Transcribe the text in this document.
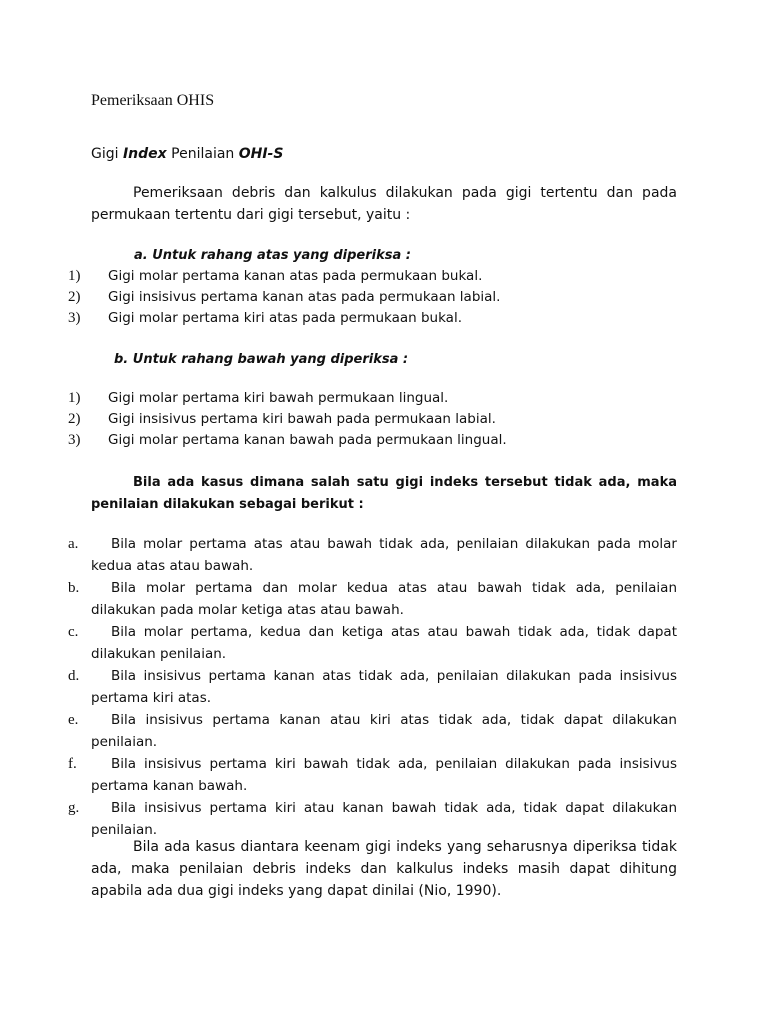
Pemeriksaan OHIS
Gigi Index Penilaian OHI-S
Pemeriksaan debris dan kalkulus dilakukan pada gigi tertentu dan pada permukaan tertentu dari gigi tersebut, yaitu :
a. Untuk rahang atas yang diperiksa :
1) Gigi molar pertama kanan atas pada permukaan bukal.
2) Gigi insisivus pertama kanan atas pada permukaan labial.
3) Gigi molar pertama kiri atas pada permukaan bukal.
b. Untuk rahang bawah yang diperiksa :
1) Gigi molar pertama kiri bawah permukaan lingual.
2) Gigi insisivus pertama kiri bawah pada permukaan labial.
3) Gigi molar pertama kanan bawah pada permukaan lingual.
Bila ada kasus dimana salah satu gigi indeks tersebut tidak ada, maka penilaian dilakukan sebagai berikut :
a.	Bila molar pertama atas atau bawah tidak ada, penilaian dilakukan pada molar kedua atas atau bawah.
b.	Bila molar pertama dan molar kedua atas atau bawah tidak ada, penilaian dilakukan pada molar ketiga atas atau bawah.
c.	Bila molar pertama, kedua dan ketiga atas atau bawah tidak ada, tidak dapat dilakukan penilaian.
d.	Bila insisivus pertama kanan atas tidak ada, penilaian dilakukan pada insisivus pertama kiri atas.
e.	Bila insisivus pertama kanan atau kiri atas tidak ada, tidak dapat dilakukan penilaian.
f.	Bila insisivus pertama kiri bawah tidak ada, penilaian dilakukan pada insisivus pertama kanan bawah.
g.	Bila insisivus pertama kiri atau kanan bawah tidak ada, tidak dapat dilakukan penilaian.
Bila ada kasus diantara keenam gigi indeks yang seharusnya diperiksa tidak ada, maka penilaian debris indeks dan kalkulus indeks masih dapat dihitung apabila ada dua gigi indeks yang dapat dinilai (Nio, 1990).
